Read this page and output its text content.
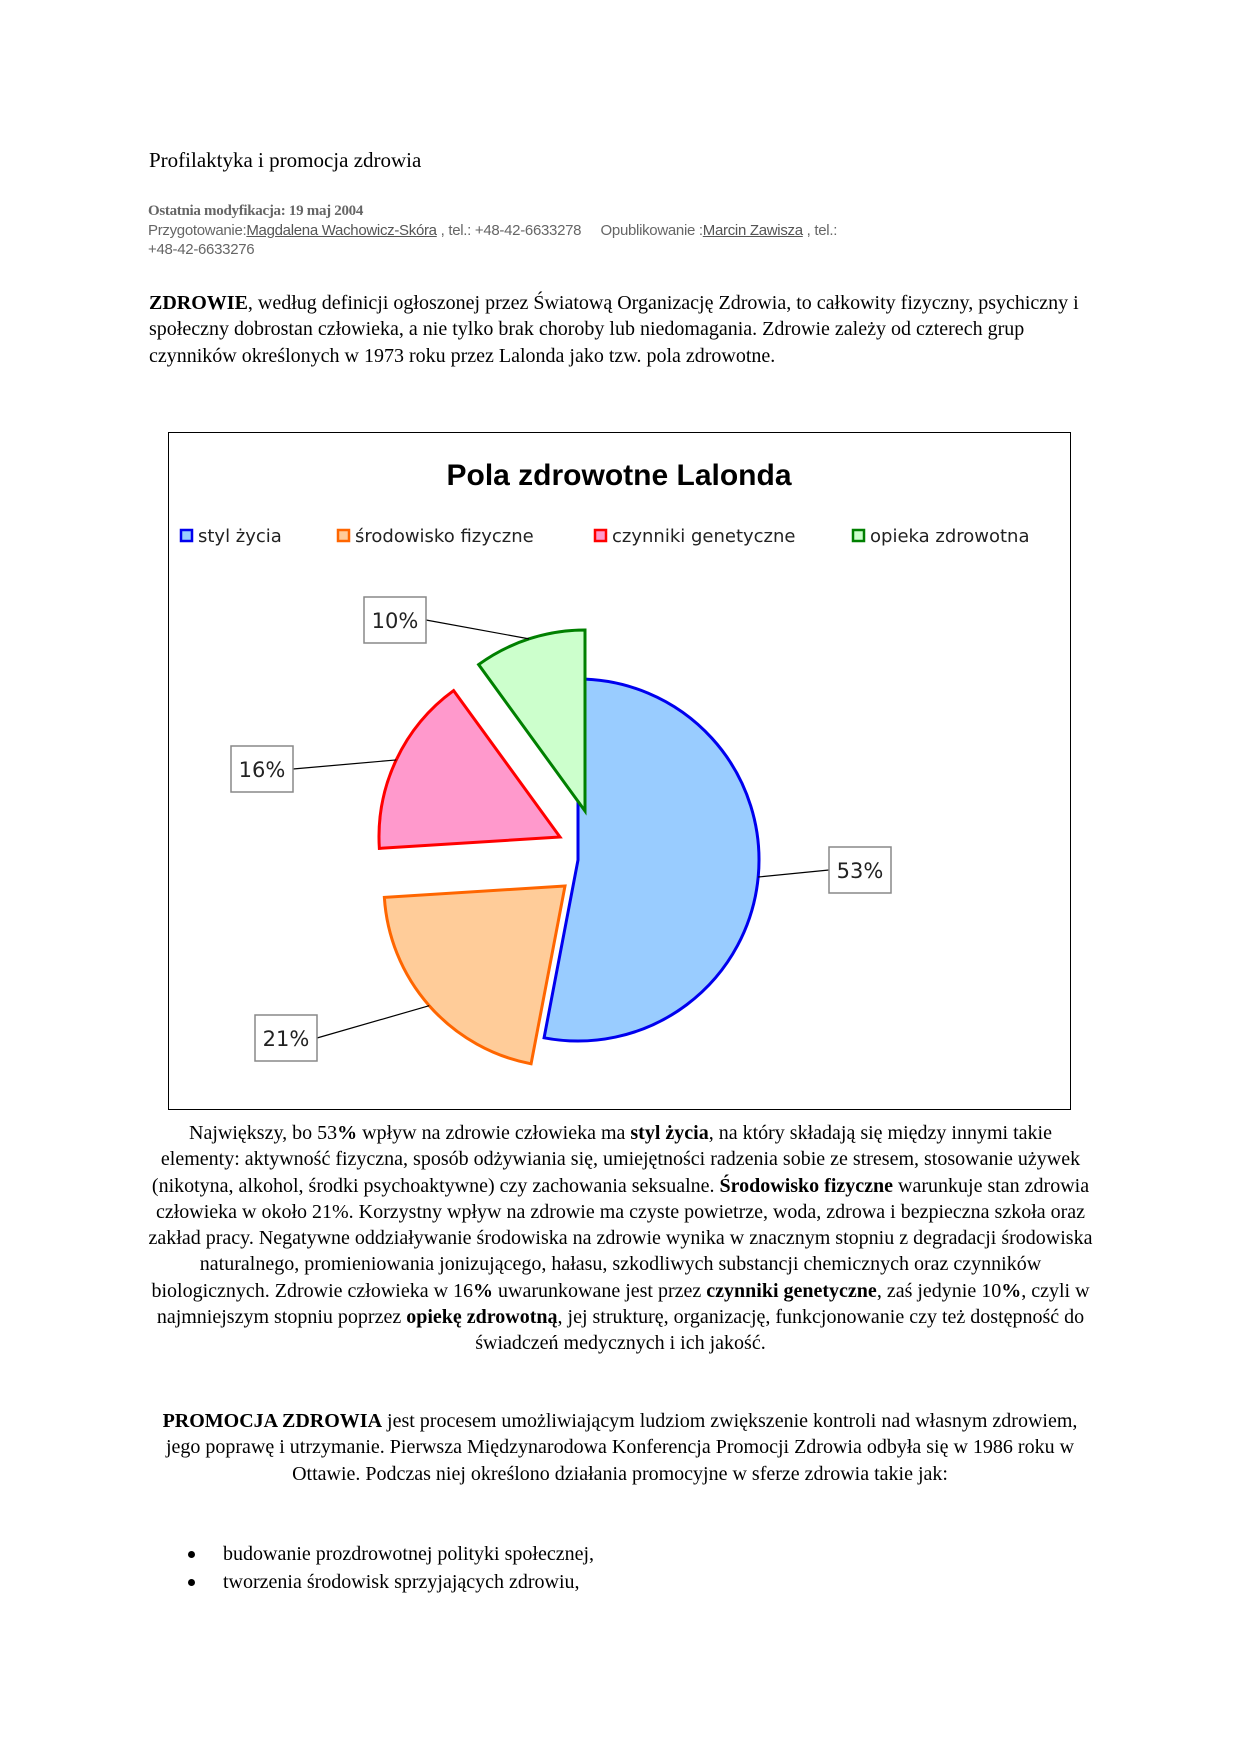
Profilaktyka i promocja zdrowia
Ostatnia modyfikacja: 19 maj 2004
Przygotowanie:Magdalena Wachowicz-Skóra , tel.: +48-42-6633278 Opublikowanie :Marcin Zawisza , tel.:
+48-42-6633276
ZDROWIE, według definicji ogłoszonej przez Światową Organizację Zdrowia, to całkowity fizyczny, psychiczny i społeczny dobrostan człowieka, a nie tylko brak choroby lub niedomagania. Zdrowie zależy od czterech grup czynników określonych w 1973 roku przez Lalonda jako tzw. pola zdrowotne.
Pola zdrowotne Lalonda
styl życia	środowisko fizyczne	czynniki genetyczne	opieka zdrowotna
53%
21%
16%
10%
Największy, bo 53% wpływ na zdrowie człowieka ma styl życia, na który składają się między innymi takie elementy: aktywność fizyczna, sposób odżywiania się, umiejętności radzenia sobie ze stresem, stosowanie używek (nikotyna, alkohol, środki psychoaktywne) czy zachowania seksualne. Środowisko fizyczne warunkuje stan zdrowia człowieka w około 21%. Korzystny wpływ na zdrowie ma czyste powietrze, woda, zdrowa i bezpieczna szkoła oraz zakład pracy. Negatywne oddziaływanie środowiska na zdrowie wynika w znacznym stopniu z degradacji środowiska naturalnego, promieniowania jonizującego, hałasu, szkodliwych substancji chemicznych oraz czynników biologicznych. Zdrowie człowieka w 16% uwarunkowane jest przez czynniki genetyczne, zaś jedynie 10%, czyli w najmniejszym stopniu poprzez opiekę zdrowotną, jej strukturę, organizację, funkcjonowanie czy też dostępność do świadczeń medycznych i ich jakość.
PROMOCJA ZDROWIA jest procesem umożliwiającym ludziom zwiększenie kontroli nad własnym zdrowiem, jego poprawę i utrzymanie. Pierwsza Międzynarodowa Konferencja Promocji Zdrowia odbyła się w 1986 roku w Ottawie. Podczas niej określono działania promocyjne w sferze zdrowia takie jak:
budowanie prozdrowotnej polityki społecznej,
tworzenia środowisk sprzyjających zdrowiu,
